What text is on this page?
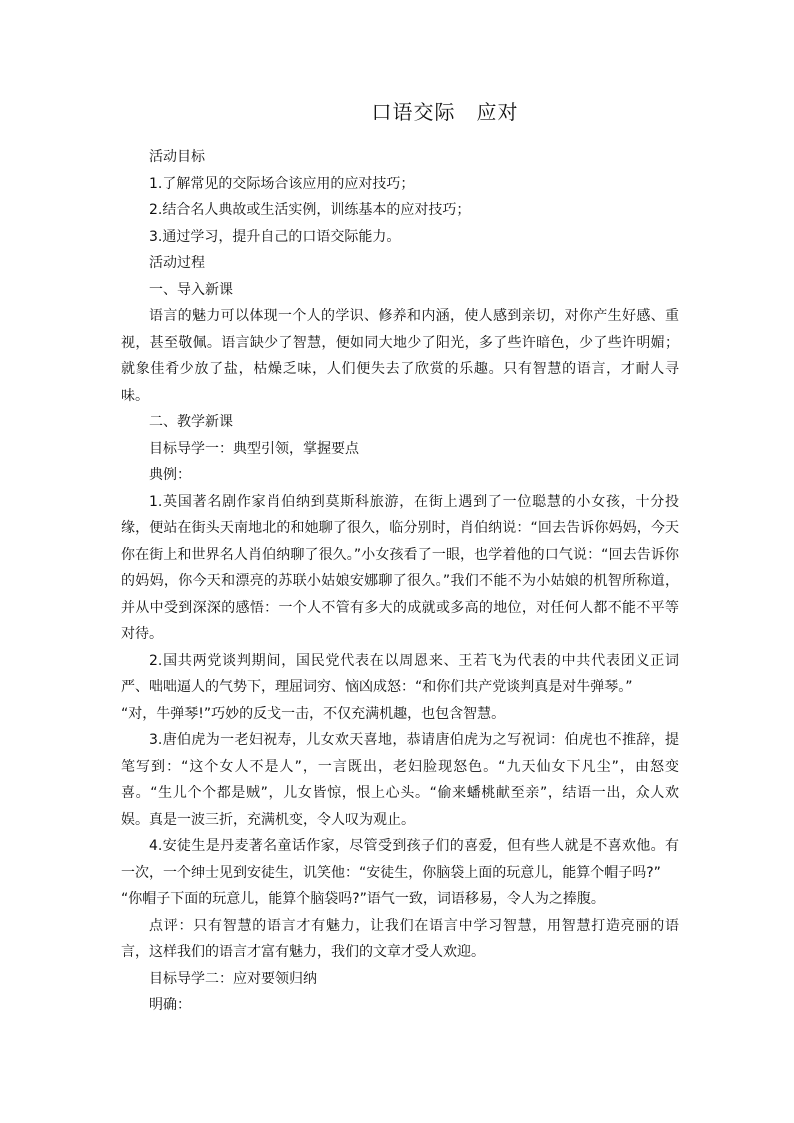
口语交际　应对

活动目标

1.了解常见的交际场合该应用的应对技巧；

2.结合名人典故或生活实例，训练基本的应对技巧；

3.通过学习，提升自己的口语交际能力。

活动过程

一、导入新课

语言的魅力可以体现一个人的学识、修养和内涵，使人感到亲切，对你产生好感、重视，甚至敬佩。语言缺少了智慧，便如同大地少了阳光，多了些许暗色，少了些许明媚；就象佳肴少放了盐，枯燥乏味，人们便失去了欣赏的乐趣。只有智慧的语言，才耐人寻味。

二、教学新课

目标导学一：典型引领，掌握要点

典例：

1.英国著名剧作家肖伯纳到莫斯科旅游，在街上遇到了一位聪慧的小女孩，十分投缘，便站在街头天南地北的和她聊了很久，临分别时，肖伯纳说：“回去告诉你妈妈，今天你在街上和世界名人肖伯纳聊了很久。”小女孩看了一眼，也学着他的口气说：“回去告诉你的妈妈，你今天和漂亮的苏联小姑娘安娜聊了很久。”我们不能不为小姑娘的机智所称道，并从中受到深深的感悟：一个人不管有多大的成就或多高的地位，对任何人都不能不平等对待。

2.国共两党谈判期间，国民党代表在以周恩来、王若飞为代表的中共代表团义正词严、咄咄逼人的气势下，理屈词穷、恼凶成怒：“和你们共产党谈判真是对牛弹琴。”

“对，牛弹琴!”巧妙的反戈一击，不仅充满机趣，也包含智慧。

3.唐伯虎为一老妇祝寿，儿女欢天喜地，恭请唐伯虎为之写祝词：伯虎也不推辞，提笔写到：“这个女人不是人”，一言既出，老妇脸现怒色。“九天仙女下凡尘”，由怒变喜。“生儿个个都是贼”，儿女皆惊，恨上心头。“偷来蟠桃献至亲”，结语一出，众人欢娱。真是一波三折，充满机变，令人叹为观止。

4.安徒生是丹麦著名童话作家，尽管受到孩子们的喜爱，但有些人就是不喜欢他。有一次，一个绅士见到安徒生，讥笑他：“安徒生，你脑袋上面的玩意儿，能算个帽子吗?”

“你帽子下面的玩意儿，能算个脑袋吗?”语气一致，词语移易，令人为之捧腹。

点评：只有智慧的语言才有魅力，让我们在语言中学习智慧，用智慧打造亮丽的语言，这样我们的语言才富有魅力，我们的文章才受人欢迎。

目标导学二：应对要领归纳

明确：
